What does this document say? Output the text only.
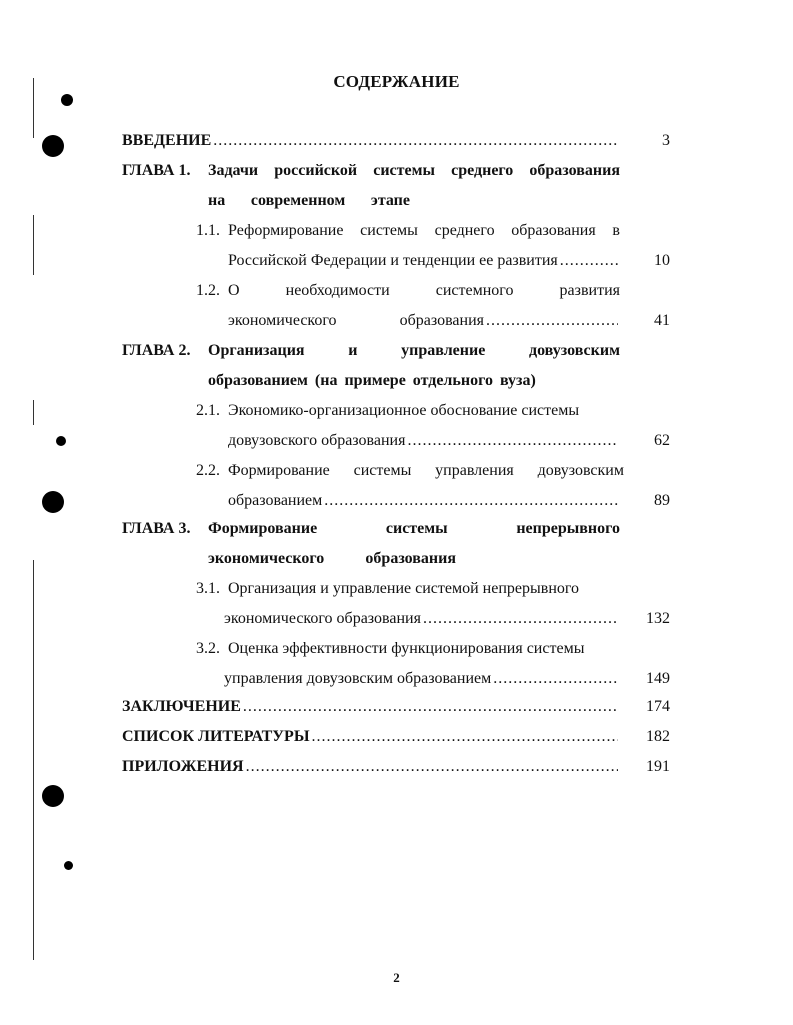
СОДЕРЖАНИЕ
ВВЕДЕНИЕ .....	3
ГЛАВА 1.	Задачи российской системы среднего образования
на современном этапе
1.1. Реформирование системы среднего образования в
Российской Федерации и тенденции ее развития .....	10
1.2. О	необходимости	системного	развития
экономического	образования .....	41
ГЛАВА 2.	Организация	и	управление	довузовским
образованием (на примере отдельного вуза)
2.1. Экономико-организационное обоснование системы
довузовского образования .....	62
2.2. Формирование системы управления довузовским
образованием .....	89
ГЛАВА 3.	Формирование	системы	непрерывного
экономического	образования
3.1. Организация и управление системой непрерывного
экономического образования .....	132
3.2. Оценка эффективности функционирования системы
управления довузовским образованием .....	149
ЗАКЛЮЧЕНИЕ .....	174
СПИСОК ЛИТЕРАТУРЫ .....	182
ПРИЛОЖЕНИЯ .....	191
2
